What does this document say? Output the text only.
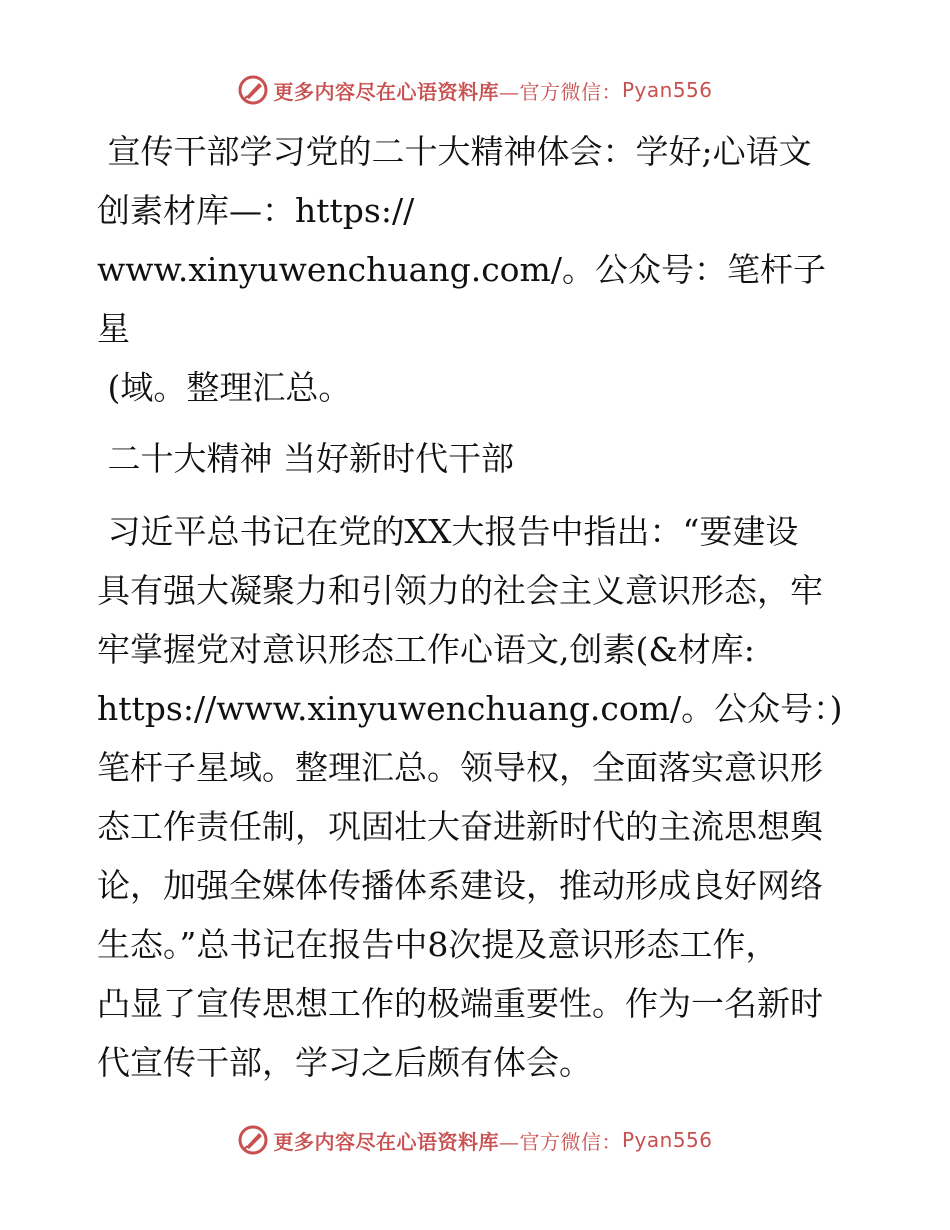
更多内容尽在心语资料库 —官方微信： Pyan556

宣传干部学习党的二十大精神体会：学好;心语文

创素材库—：https://

www.xinyuwenchuang.com/。公众号：笔杆子星

(域。整理汇总。

二十大精神 当好新时代干部

习近平总书记在党的XX大报告中指出：“要建设

具有强大凝聚力和引领力的社会主义意识形态，牢

牢掌握党对意识形态工作心语文,创素(&材库:

https://www.xinyuwenchuang.com/。公众号：)

笔杆子星域。整理汇总。领导权，全面落实意识形

态工作责任制，巩固壮大奋进新时代的主流思想舆

论，加强全媒体传播体系建设，推动形成良好网络

生态。”总书记在报告中8次提及意识形态工作，

凸显了宣传思想工作的极端重要性。作为一名新时

代宣传干部，学习之后颇有体会。

更多内容尽在心语资料库 —官方微信： Pyan556
